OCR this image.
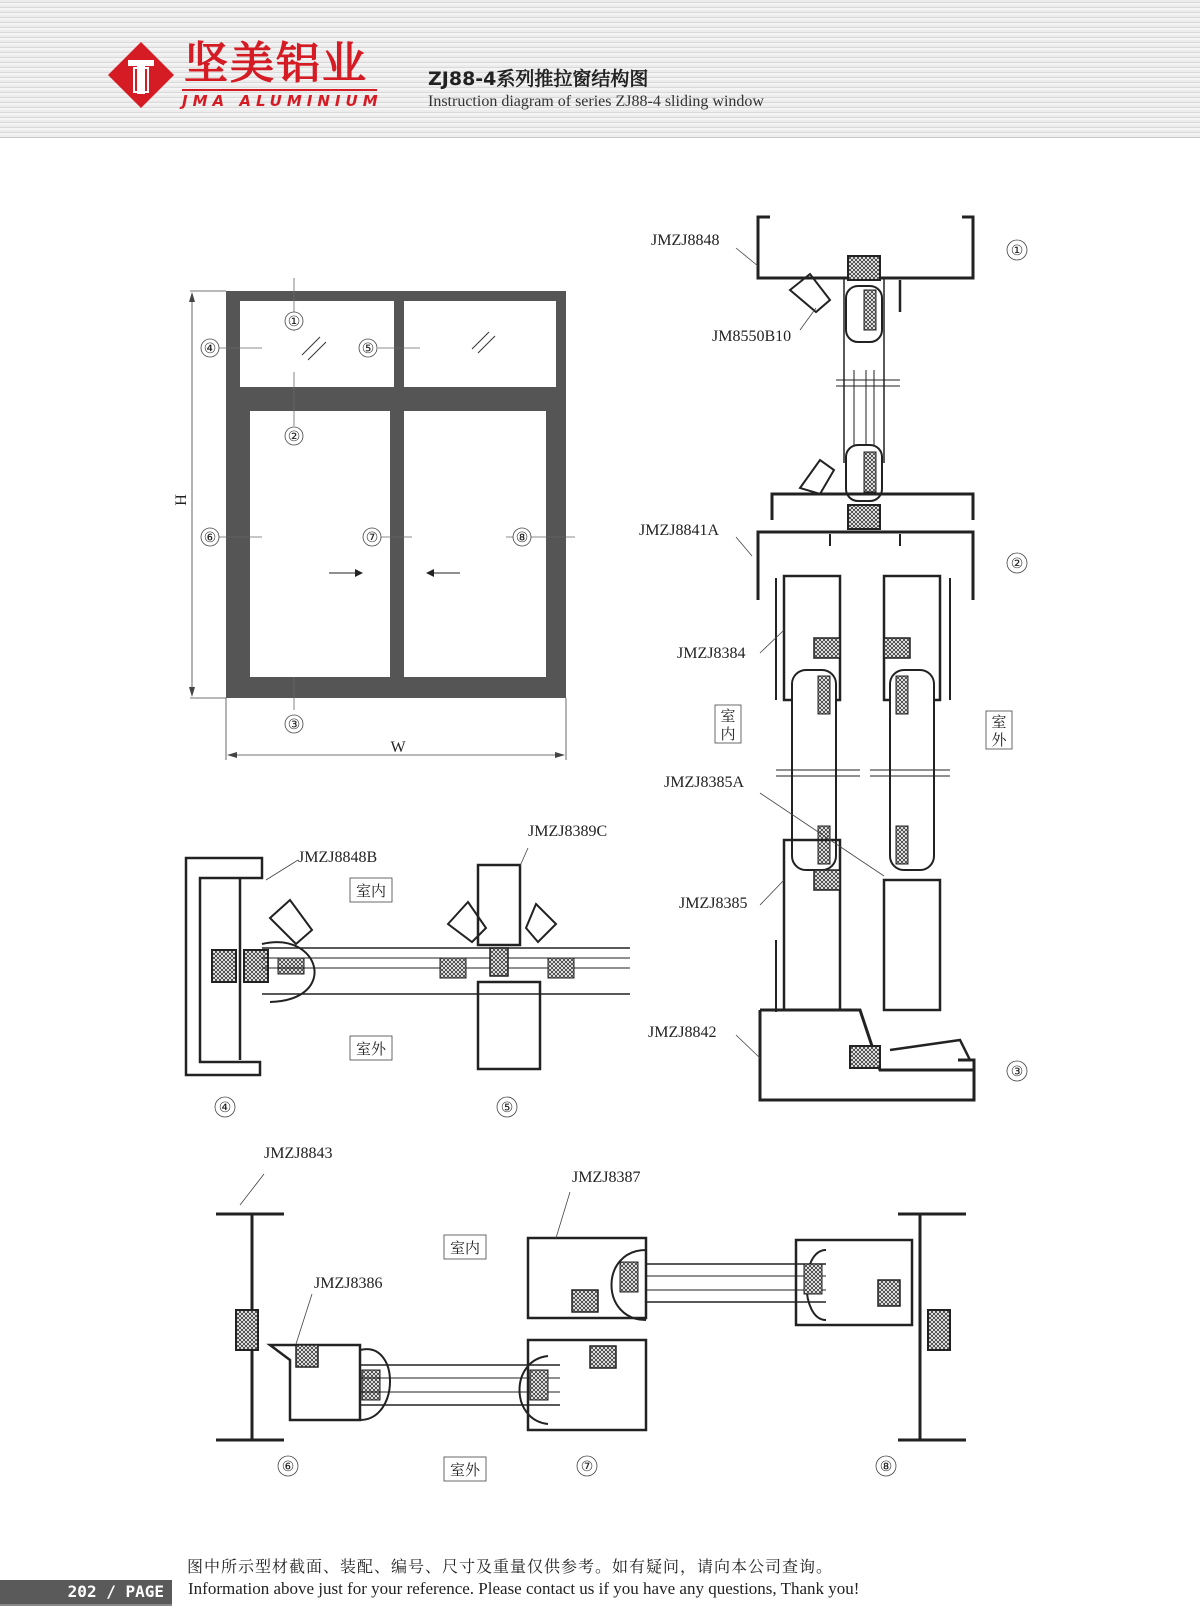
坚美铝业
JMA ALUMINIUM
ZJ88-4系列推拉窗结构图
Instruction diagram of series ZJ88-4 sliding window
H
W
①
②
③
④	⑤
⑥	⑦	⑧
JMZJ8848
JM8550B10
JMZJ8841A
JMZJ8384
JMZJ8385A
JMZJ8385
JMZJ8842
①
②
③
室
内
室
外
JMZJ8848B
JMZJ8389C
室内
室外
④	⑤
JMZJ8843
JMZJ8386
JMZJ8387
室内
室外
⑥	⑦	⑧
图中所示型材截面、装配、编号、尺寸及重量仅供参考。如有疑问，请向本公司查询。
202 / PAGE	Information above just for your reference. Please contact us if you have any questions, Thank you!
